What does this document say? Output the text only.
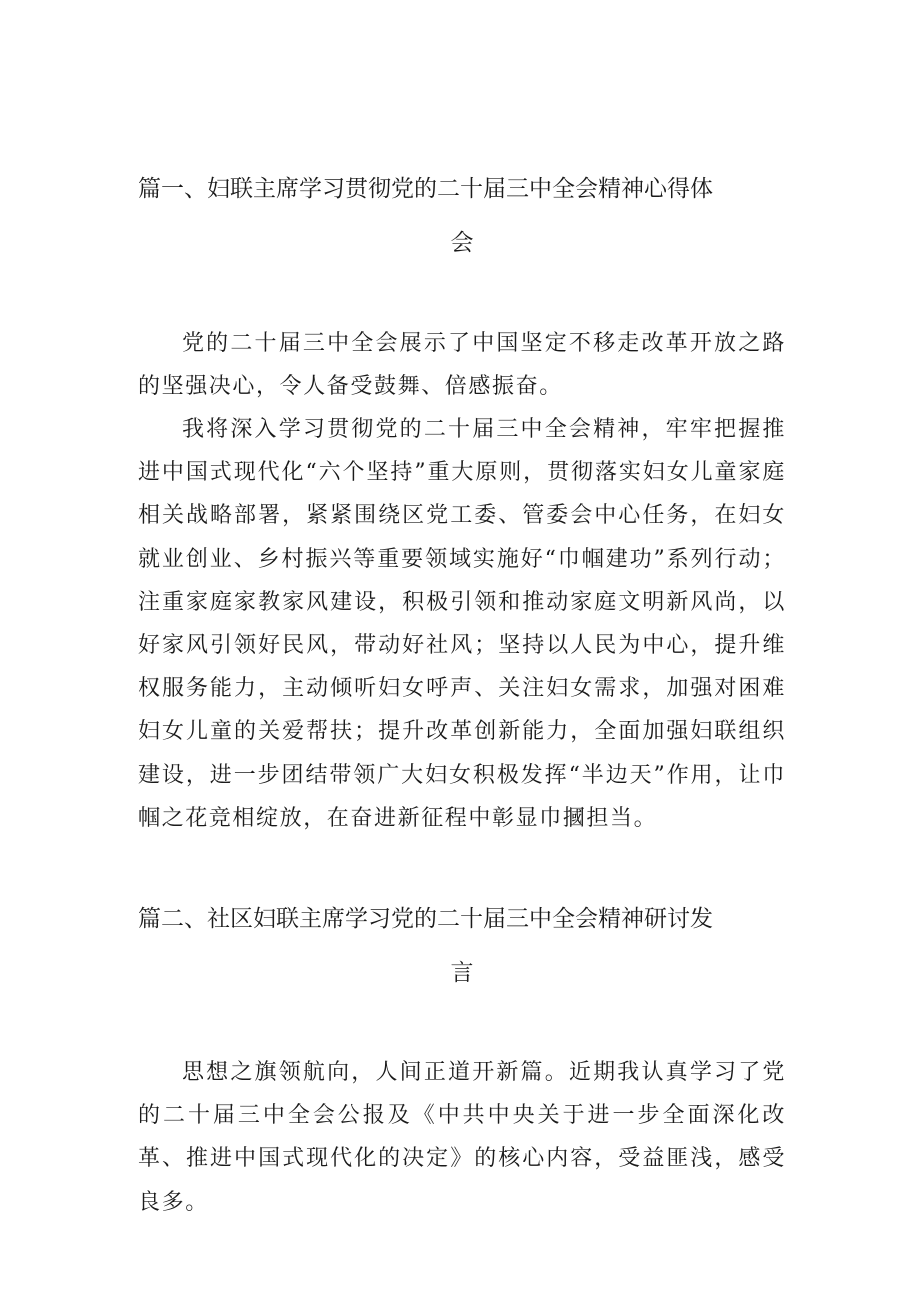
篇一、妇联主席学习贯彻党的二十届三中全会精神心得体
会

党的二十届三中全会展示了中国坚定不移走改革开放之路的坚强决心，令人备受鼓舞、倍感振奋。

我将深入学习贯彻党的二十届三中全会精神，牢牢把握推进中国式现代化“六个坚持”重大原则，贯彻落实妇女儿童家庭相关战略部署，紧紧围绕区党工委、管委会中心任务，在妇女就业创业、乡村振兴等重要领域实施好“巾帼建功”系列行动；注重家庭家教家风建设，积极引领和推动家庭文明新风尚，以好家风引领好民风，带动好社风；坚持以人民为中心，提升维权服务能力，主动倾听妇女呼声、关注妇女需求，加强对困难妇女儿童的关爱帮扶；提升改革创新能力，全面加强妇联组织建设，进一步团结带领广大妇女积极发挥“半边天”作用，让巾帼之花竞相绽放，在奋进新征程中彰显巾摑担当。

篇二、社区妇联主席学习党的二十届三中全会精神研讨发
言

思想之旗领航向，人间正道开新篇。近期我认真学习了党的二十届三中全会公报及《中共中央关于进一步全面深化改革、推进中国式现代化的决定》的核心内容，受益匪浅，感受良多。
